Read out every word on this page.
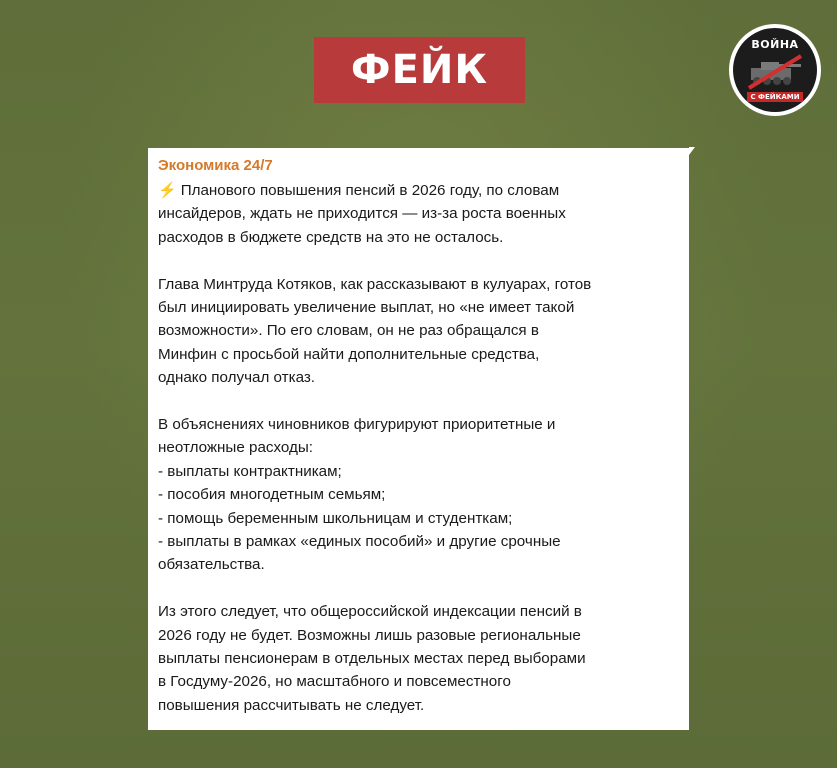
ФЕЙК
ВОЙНА
С ФЕЙКАМИ
Экономика 24/7
⚡ Планового повышения пенсий в 2026 году, по словам
инсайдеров, ждать не приходится — из-за роста военных
расходов в бюджете средств на это не осталось.
Глава Минтруда Котяков, как рассказывают в кулуарах, готов
был инициировать увеличение выплат, но «не имеет такой
возможности». По его словам, он не раз обращался в
Минфин с просьбой найти дополнительные средства,
однако получал отказ.
В объяснениях чиновников фигурируют приоритетные и
неотложные расходы:
- выплаты контрактникам;
- пособия многодетным семьям;
- помощь беременным школьницам и студенткам;
- выплаты в рамках «единых пособий» и другие срочные
обязательства.
Из этого следует, что общероссийской индексации пенсий в
2026 году не будет. Возможны лишь разовые региональные
выплаты пенсионерам в отдельных местах перед выборами
в Госдуму-2026, но масштабного и повсеместного
повышения рассчитывать не следует.
